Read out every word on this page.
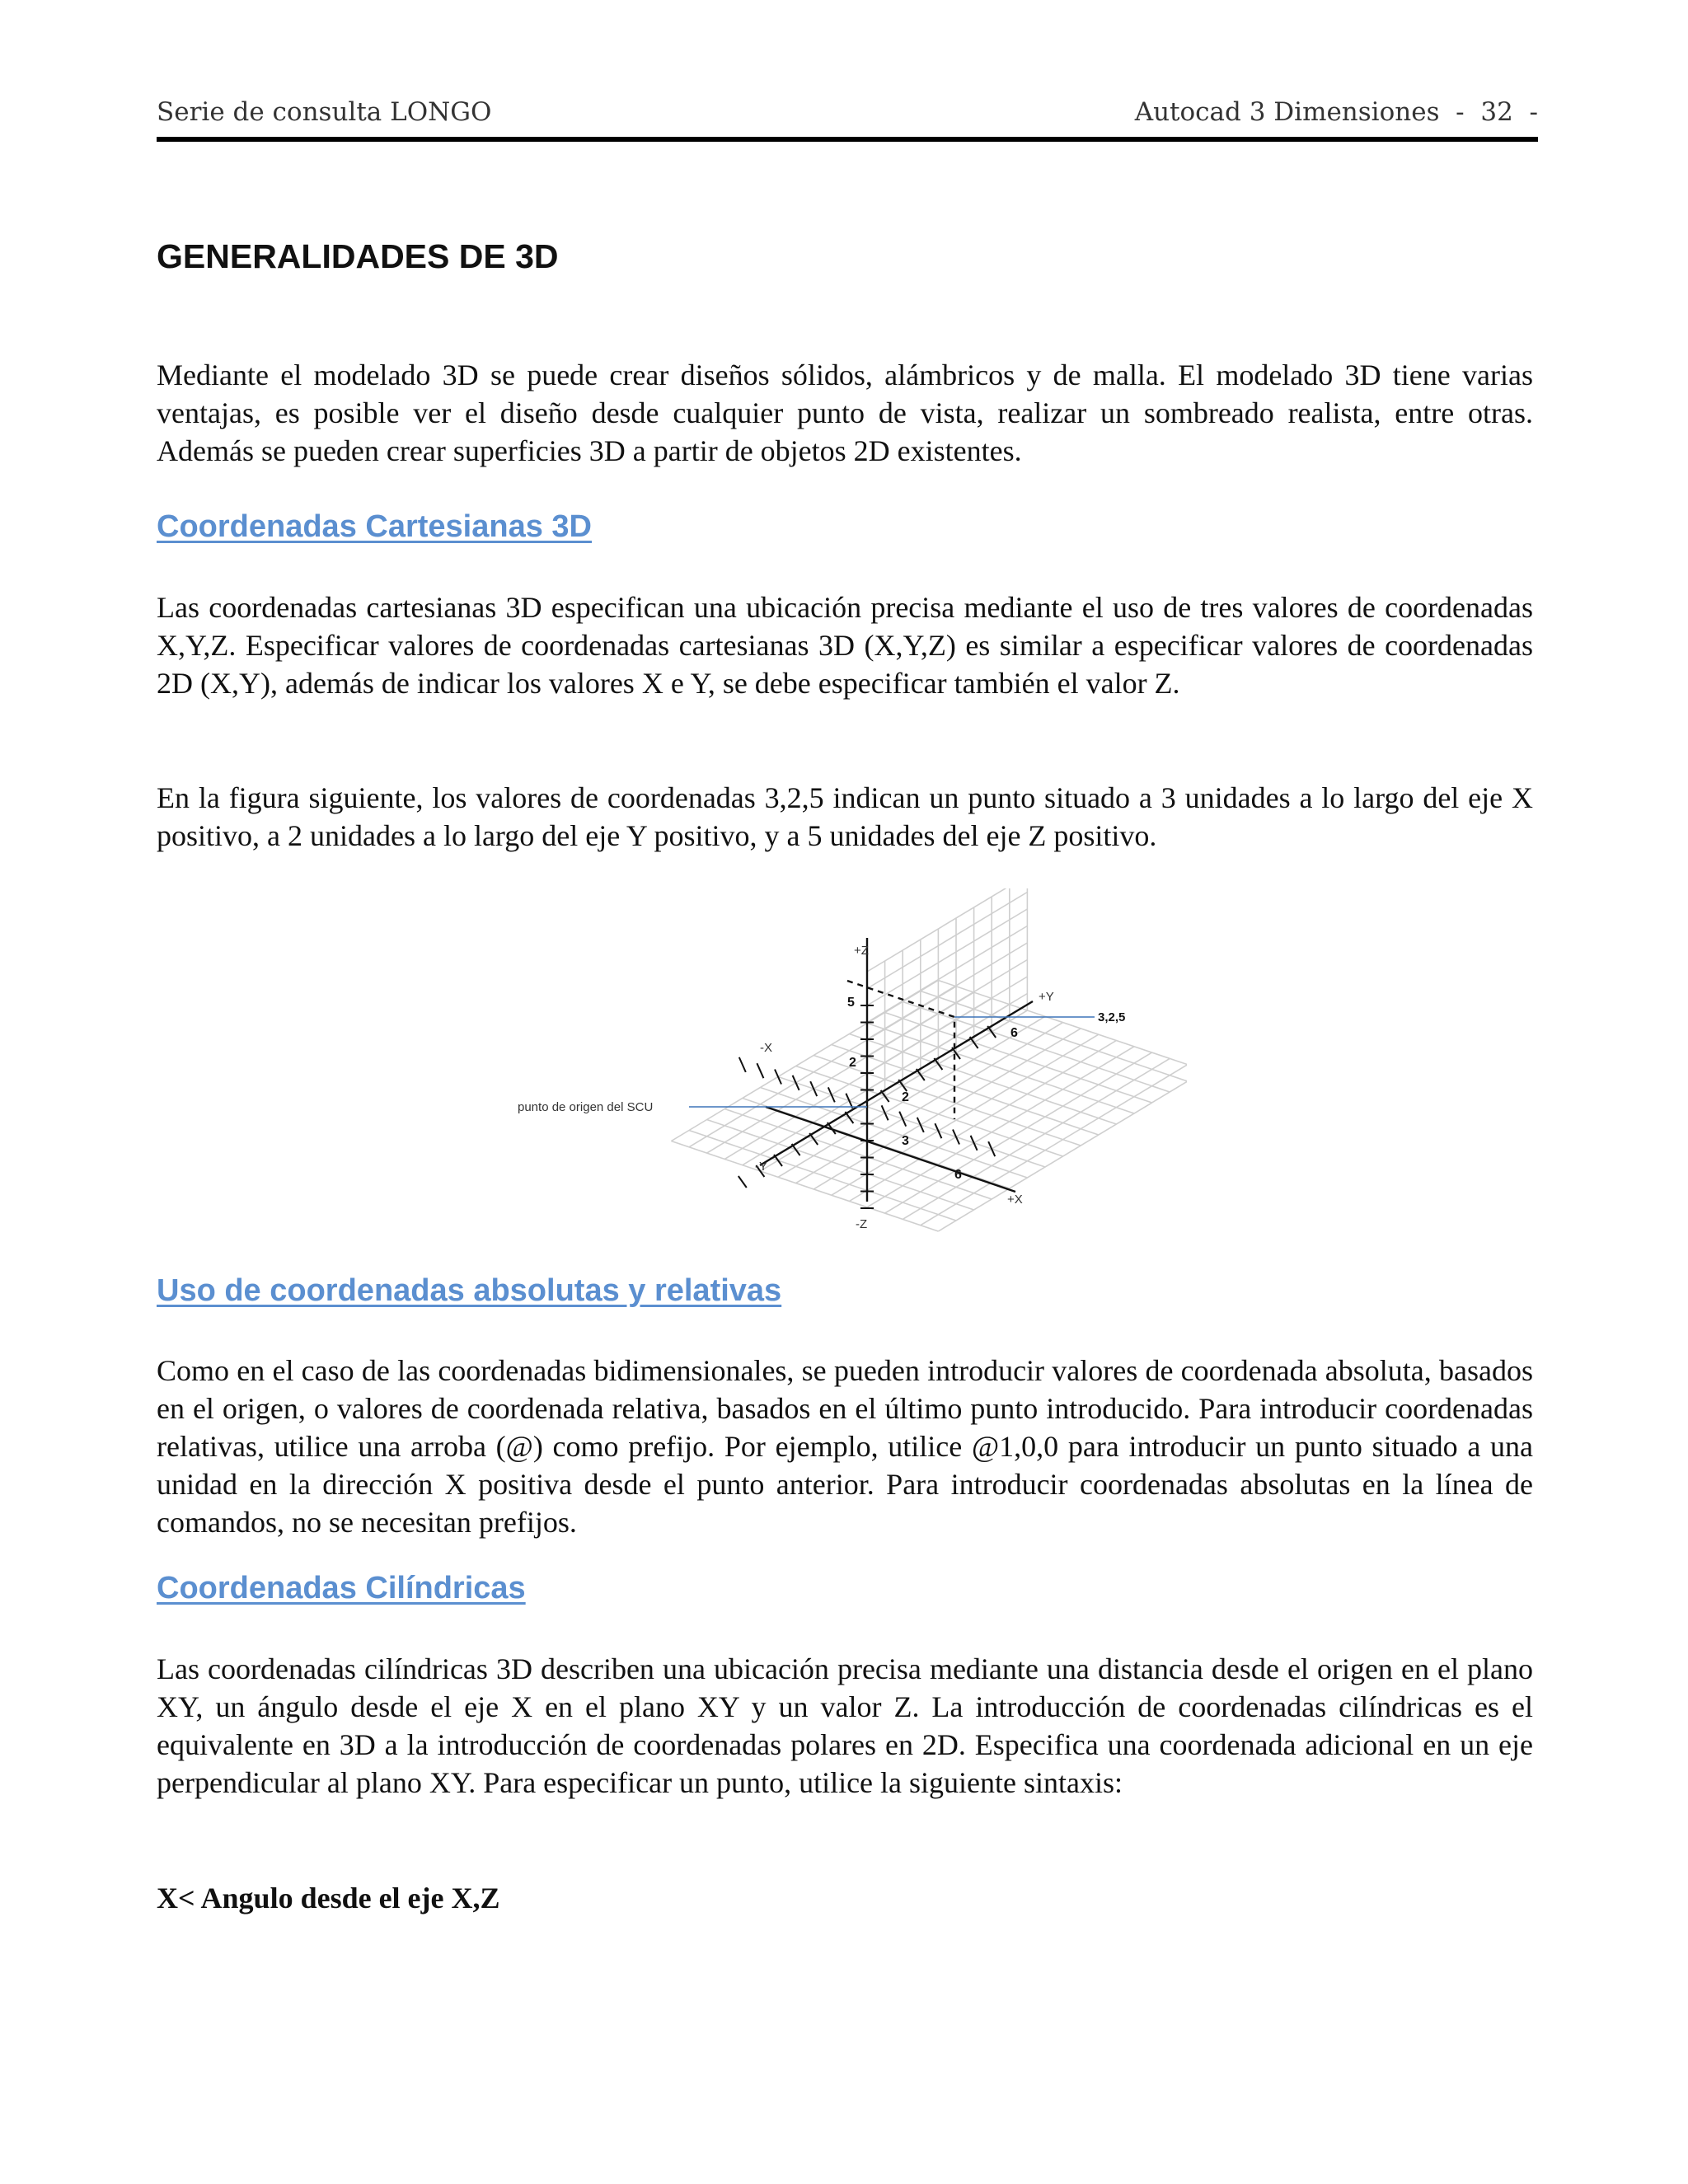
Serie de consulta LONGO	Autocad 3 Dimensiones  -  32  -
GENERALIDADES DE 3D

Mediante el modelado 3D se puede crear diseños sólidos, alámbricos y de malla. El modelado 3D tiene varias ventajas, es posible ver el diseño desde cualquier punto de vista, realizar un sombreado realista, entre otras. Además se pueden crear superficies 3D a partir de objetos 2D existentes.

Coordenadas Cartesianas 3D

Las coordenadas cartesianas 3D especifican una ubicación precisa mediante el uso de tres valores de coordenadas X,Y,Z. Especificar valores de coordenadas cartesianas 3D (X,Y,Z) es similar a especificar valores de coordenadas 2D (X,Y), además de indicar los valores X e Y, se debe especificar también el valor Z.

En la figura siguiente, los valores de coordenadas 3,2,5 indican un punto situado a 3 unidades a lo largo del eje X positivo, a 2 unidades a lo largo del eje Y positivo, y a 5 unidades del eje Z positivo.

+Z
-Z
+X
-X
+Y
-Y
5
2
2
6
3
6
3,2,5
punto de origen del SCU
Uso de coordenadas absolutas y relativas

Como en el caso de las coordenadas bidimensionales, se pueden introducir valores de coordenada absoluta, basados en el origen, o valores de coordenada relativa, basados en el último punto introducido. Para introducir coordenadas relativas, utilice una arroba (@) como prefijo. Por ejemplo, utilice @1,0,0 para introducir un punto situado a una unidad en la dirección X positiva desde el punto anterior. Para introducir coordenadas absolutas en la línea de comandos, no se necesitan prefijos.

Coordenadas Cilíndricas

Las coordenadas cilíndricas 3D describen una ubicación precisa mediante una distancia desde el origen en el plano XY, un ángulo desde el eje X en el plano XY y un valor Z. La introducción de coordenadas cilíndricas es el equivalente en 3D a la introducción de coordenadas polares en 2D. Especifica una coordenada adicional en un eje perpendicular al plano XY. Para especificar un punto, utilice la siguiente sintaxis:

X< Angulo desde el eje X,Z
